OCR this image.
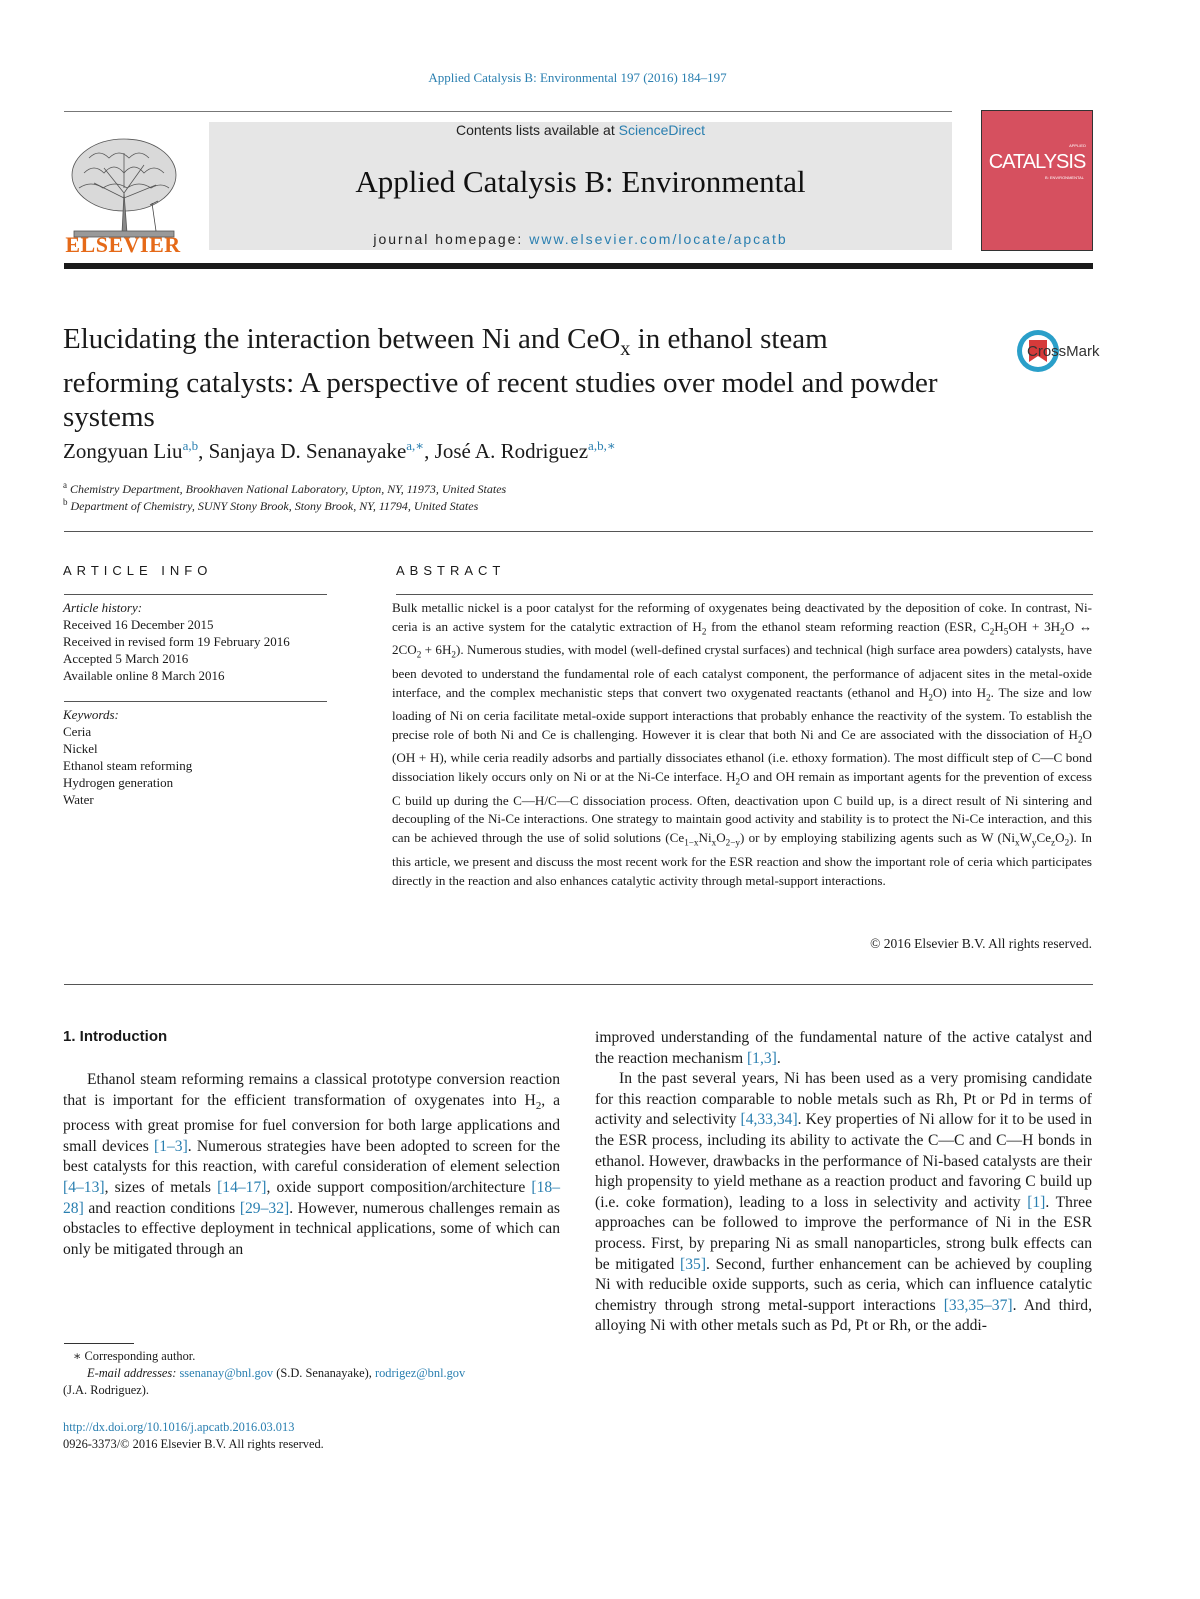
Applied Catalysis B: Environmental 197 (2016) 184–197
ELSEVIER
Contents lists available at ScienceDirect
Applied Catalysis B: Environmental
journal homepage: www.elsevier.com/locate/apcatb
APPLIED
CATALYSIS
B: ENVIRONMENTAL
Elucidating the interaction between Ni and CeO$_x$ in ethanol steam reforming catalysts: A perspective of recent studies over model and powder systems
CrossMark
Zongyuan Liu$^{a,b}$, Sanjaya D. Senanayake$^{a,∗}$, José A. Rodriguez$^{a,b,∗}$
$^a$ Chemistry Department, Brookhaven National Laboratory, Upton, NY, 11973, United States
$^b$ Department of Chemistry, SUNY Stony Brook, Stony Brook, NY, 11794, United States
ARTICLE INFO
Article history:
Received 16 December 2015
Received in revised form 19 February 2016
Accepted 5 March 2016
Available online 8 March 2016
Keywords:
Ceria
Nickel
Ethanol steam reforming
Hydrogen generation
Water
ABSTRACT
Bulk metallic nickel is a poor catalyst for the reforming of oxygenates being deactivated by the deposition of coke. In contrast, Ni-ceria is an active system for the catalytic extraction of $H_2$ from the ethanol steam reforming reaction (ESR, $C_2H_5OH + 3H_2O$ ↔ $2CO_2 + 6H_2$). Numerous studies, with model (well-defined crystal surfaces) and technical (high surface area powders) catalysts, have been devoted to understand the fundamental role of each catalyst component, the performance of adjacent sites in the metal-oxide interface, and the complex mechanistic steps that convert two oxygenated reactants (ethanol and $H_2O$) into $H_2$. The size and low loading of Ni on ceria facilitate metal-oxide support interactions that probably enhance the reactivity of the system. To establish the precise role of both Ni and Ce is challenging. However it is clear that both Ni and Ce are associated with the dissociation of $H_2O$ (OH + H), while ceria readily adsorbs and partially dissociates ethanol (i.e. ethoxy formation). The most difficult step of C—C bond dissociation likely occurs only on Ni or at the Ni-Ce interface. $H_2O$ and OH remain as important agents for the prevention of excess C build up during the C—H/C—C dissociation process. Often, deactivation upon C build up, is a direct result of Ni sintering and decoupling of the Ni-Ce interactions. One strategy to maintain good activity and stability is to protect the Ni-Ce interaction, and this can be achieved through the use of solid solutions $(Ce_{1-x}Ni_xO_{2-y})$ or by employing stabilizing agents such as W $(Ni_xW_yCe_zO_2)$. In this article, we present and discuss the most recent work for the ESR reaction and show the important role of ceria which participates directly in the reaction and also enhances catalytic activity through metal-support interactions.
© 2016 Elsevier B.V. All rights reserved.
1. Introduction

Ethanol steam reforming remains a classical prototype conversion reaction that is important for the efficient transformation of oxygenates into $H_2$, a process with great promise for fuel conversion for both large applications and small devices [1–3]. Numerous strategies have been adopted to screen for the best catalysts for this reaction, with careful consideration of element selection [4–13], sizes of metals [14–17], oxide support composition/architecture [18–28] and reaction conditions [29–32]. However, numerous challenges remain as obstacles to effective deployment in technical applications, some of which can only be mitigated through an

improved understanding of the fundamental nature of the active catalyst and the reaction mechanism [1,3].

In the past several years, Ni has been used as a very promising candidate for this reaction comparable to noble metals such as Rh, Pt or Pd in terms of activity and selectivity [4,33,34]. Key properties of Ni allow for it to be used in the ESR process, including its ability to activate the C—C and C—H bonds in ethanol. However, drawbacks in the performance of Ni-based catalysts are their high propensity to yield methane as a reaction product and favoring C build up (i.e. coke formation), leading to a loss in selectivity and activity [1]. Three approaches can be followed to improve the performance of Ni in the ESR process. First, by preparing Ni as small nanoparticles, strong bulk effects can be mitigated [35]. Second, further enhancement can be achieved by coupling Ni with reducible oxide supports, such as ceria, which can influence catalytic chemistry through strong metal-support interactions [33,35–37]. And third, alloying Ni with other metals such as Pd, Pt or Rh, or the addi-

∗ Corresponding author.
E-mail addresses: ssenanay@bnl.gov (S.D. Senanayake), rodrigez@bnl.gov
(J.A. Rodriguez).
http://dx.doi.org/10.1016/j.apcatb.2016.03.013
0926-3373/© 2016 Elsevier B.V. All rights reserved.
